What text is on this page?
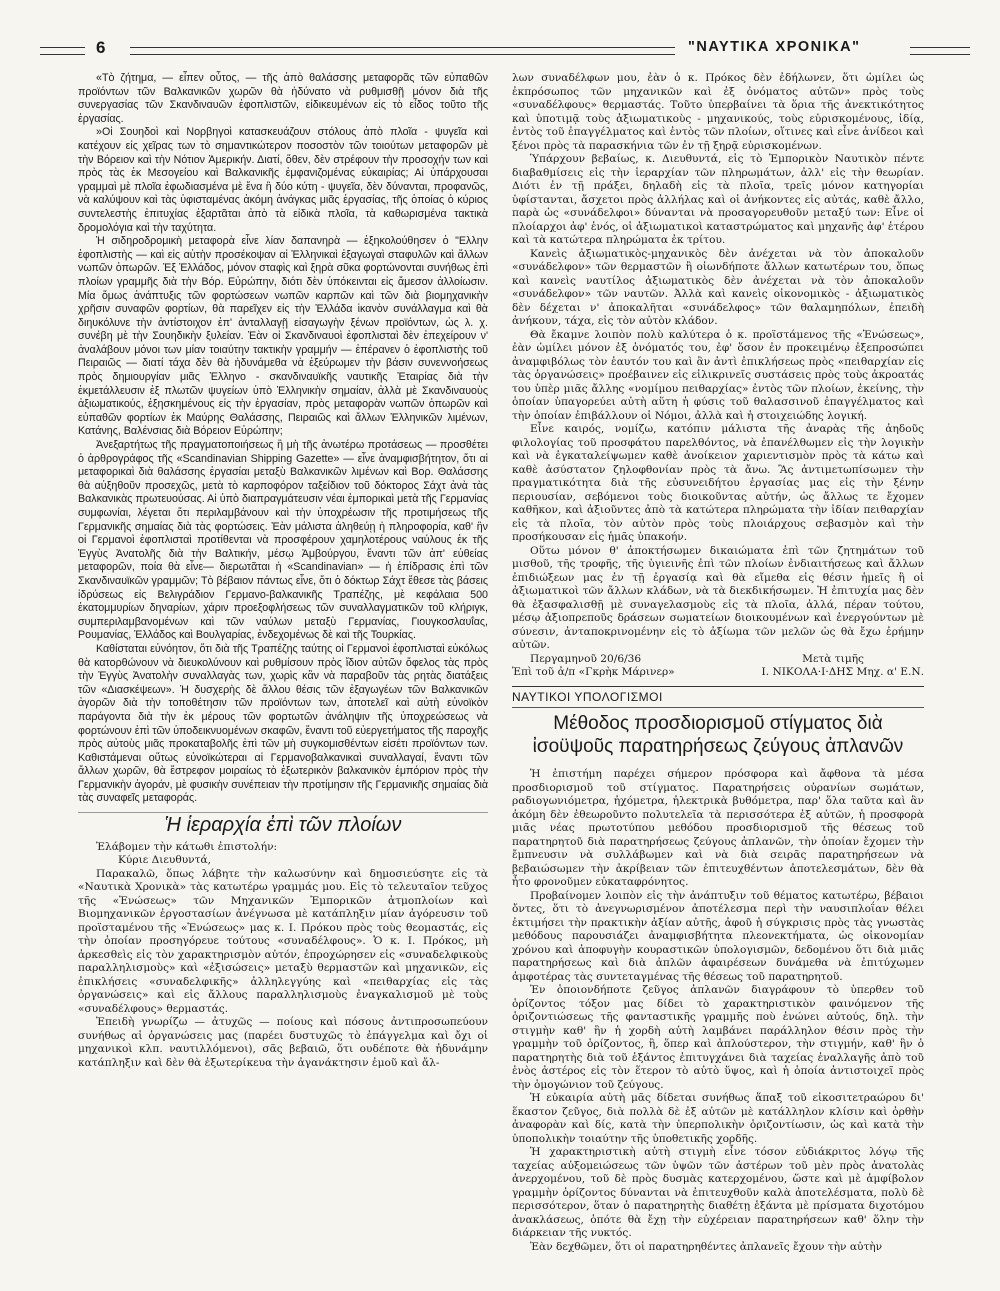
6	"ΝΑΥΤΙΚΑ ΧΡΟΝΙΚΑ"

«Τὸ ζήτημα, — εἶπεν οὗτος, — τῆς ἀπὸ θαλάσσης μεταφορᾶς τῶν εὐπαθῶν προϊόντων τῶν Βαλκανικῶν χωρῶν θὰ ἠδύνατο νὰ ρυθμισθῇ μόνον διὰ τῆς συνεργασίας τῶν Σκανδιναυῶν ἐφοπλιστῶν, εἰδικευμένων εἰς τὸ εἶδος τοῦτο τῆς ἐργασίας.

»Οἱ Σουηδοὶ καὶ Νορβηγοὶ κατασκευάζουν στόλους ἀπὸ πλοῖα - ψυγεῖα καὶ κατέχουν εἰς χεῖρας των τὸ σημαντικώτερον ποσοστὸν τῶν τοιούτων μεταφορῶν μὲ τὴν Βόρειον καὶ τὴν Νότιον Ἀμερικήν. Διατί, ὅθεν, δὲν στρέφουν τὴν προσοχήν των καὶ πρὸς τὰς ἐκ Μεσογείου καὶ Βαλκανικῆς ἐμφανιζομένας εὐκαιρίας; Αἱ ὑπάρχουσαι γραμμαὶ μὲ πλοῖα ἐφωδιασμένα μὲ ἕνα ἢ δύο κύτη - ψυγεῖα, δὲν δύνανται, προφανῶς, νὰ καλύψουν καὶ τὰς ὑφισταμένας ἀκόμη ἀνάγκας μιᾶς ἐργασίας, τῆς ὁποίας ὁ κύριος συντελεστὴς ἐπιτυχίας ἐξαρτᾶται ἀπὸ τὰ εἰδικὰ πλοῖα, τὰ καθωρισμένα τακτικὰ δρομολόγια καὶ τὴν ταχύτητα.

Ἡ σιδηροδρομικὴ μεταφορὰ εἶνε λίαν δαπανηρὰ — ἐξηκολούθησεν ὁ "Ελλην ἐφοπλιστὴς — καὶ εἰς αὐτὴν προσέκοψαν αἱ Ἑλληνικαὶ ἐξαγωγαὶ σταφυλῶν καὶ ἄλλων νωπῶν ὀπωρῶν. Ἐξ Ἑλλάδος, μόνον σταφὶς καὶ ξηρὰ σῦκα φορτώνονται συνήθως ἐπὶ πλοίων γραμμῆς διὰ τὴν Βόρ. Εὐρώπην, διότι δὲν ὑπόκεινται εἰς ἄμεσον ἀλλοίωσιν. Μία ὅμως ἀνάπτυξις τῶν φορτώσεων νωπῶν καρπῶν καὶ τῶν διὰ βιομηχανικὴν χρῆσιν συναφῶν φορτίων, θὰ παρεῖχεν εἰς τὴν Ἑλλάδα ἱκανὸν συνάλλαγμα καὶ θὰ διηυκόλυνε τὴν ἀντίστοιχον ἐπ' ἀνταλλαγῇ εἰσαγωγὴν ξένων προϊόντων, ὡς λ. χ. συνέβη μὲ τὴν Σουηδικὴν ξυλείαν. Ἐὰν οἱ Σκανδιναυοὶ ἐφοπλισταὶ δὲν ἐπεχείρουν ν' ἀναλάβουν μόνοι των μίαν τοιαύτην τακτικὴν γραμμήν — ἐπέρανεν ὁ ἐφοπλιστὴς τοῦ Πειραιῶς — διατί τάχα δὲν θὰ ἠδυνάμεθα νὰ ἐξεύρωμεν τὴν βάσιν συνεννοήσεως πρὸς δημιουργίαν μιᾶς Ἑλληνο - σκανδιναυϊκῆς ναυτικῆς Ἑταιρίας διὰ τὴν ἐκμετάλλευσιν ἑξ πλωτῶν ψυγείων ὑπὸ Ἑλληνικὴν σημαίαν, ἀλλὰ μὲ Σκανδιναυοὺς ἀξιωματικούς, ἐξησκημένους εἰς τὴν ἐργασίαν, πρὸς μεταφορὰν νωπῶν ὀπωρῶν καὶ εὐπαθῶν φορτίων ἐκ Μαύρης Θαλάσσης, Πειραιῶς καὶ ἄλλων Ἑλληνικῶν λιμένων, Κατάνης, Βαλένσιας διὰ Βόρειον Εὐρώπην;

Ἀνεξαρτήτως τῆς πραγματοποιήσεως ἢ μὴ τῆς ἀνωτέρω προτάσεως — προσθέτει ὁ ἀρθρογράφος τῆς «Scandinavian Shipping Gazette» — εἶνε ἀναμφισβήτητον, ὅτι αἱ μεταφορικαὶ διὰ θαλάσσης ἐργασίαι μεταξὺ Βαλκανικῶν λιμένων καὶ Βορ. Θαλάσσης θὰ αὐξηθοῦν προσεχῶς, μετὰ τὸ καρποφόρον ταξείδιον τοῦ δόκτορος Σάχτ ἀνὰ τὰς Βαλκανικὰς πρωτευούσας. Αἱ ὑπὸ διαπραγμάτευσιν νέαι ἐμπορικαὶ μετὰ τῆς Γερμανίας συμφωνίαι, λέγεται ὅτι περιλαμβάνουν καὶ τὴν ὑποχρέωσιν τῆς προτιμήσεως τῆς Γερμανικῆς σημαίας διὰ τὰς φορτώσεις. Ἐὰν μάλιστα ἀληθεύῃ ἡ πληροφορία, καθ' ἣν οἱ Γερμανοὶ ἐφοπλισταὶ προτίθενται νὰ προσφέρουν χαμηλοτέρους ναύλους ἐκ τῆς Ἐγγὺς Ἀνατολῆς διὰ τὴν Βαλτικήν, μέσῳ Ἀμβούργου, ἔναντι τῶν ἀπ' εὐθείας μεταφορῶν, ποία θὰ εἶνε— διερωτᾶται ἡ «Scandinavian» — ἡ ἐπίδρασις ἐπὶ τῶν Σκανδιναυϊκῶν γραμμῶν; Τὸ βέβαιον πάντως εἶνε, ὅτι ὁ δόκτωρ Σάχτ ἔθεσε τὰς βάσεις ἱδρύσεως εἰς Βελιγράδιον Γερμανο-βαλκανικῆς Τραπέζης, μὲ κεφάλαια 500 ἑκατομμυρίων δηναρίων, χάριν προεξοφλήσεως τῶν συναλλαγματικῶν τοῦ κλήριγκ, συμπεριλαμβανομένων καὶ τῶν ναύλων μεταξὺ Γερμανίας, Γιουγκοσλαυΐας, Ρουμανίας, Ἑλλάδος καὶ Βουλγαρίας, ἐνδεχομένως δὲ καὶ τῆς Τουρκίας.

Καθίσταται εὐνόητον, ὅτι διὰ τῆς Τραπέζης ταύτης οἱ Γερμανοὶ ἐφοπλισταὶ εὐκόλως θὰ κατορθώνουν νὰ διευκολύνουν καὶ ρυθμίσουν πρὸς ἴδιον αὐτῶν ὄφελος τὰς πρὸς τὴν Ἐγγὺς Ἀνατολὴν συναλλαγὰς των, χωρὶς κἂν νὰ παραβοῦν τὰς ρητὰς διατάξεις τῶν «Διασκέψεων». Ἡ δυσχερὴς δὲ ἄλλου θέσις τῶν ἐξαγωγέων τῶν Βαλκανικῶν ἀγορῶν διὰ τὴν τοποθέτησιν τῶν προϊόντων των, ἀποτελεῖ καὶ αὐτὴ εὐνοϊκὸν παράγοντα διὰ τὴν ἐκ μέρους τῶν φορτωτῶν ἀνάληψιν τῆς ὑποχρεώσεως νὰ φορτώνουν ἐπὶ τῶν ὑποδεικνυομένων σκαφῶν, ἔναντι τοῦ εὐεργετήματος τῆς παροχῆς πρὸς αὐτοὺς μιᾶς προκαταβολῆς ἐπὶ τῶν μὴ συγκομισθέντων εἰσέτι προϊόντων των. Καθιστάμεναι οὕτως εὐνοϊκώτεραι αἱ Γερμανοβαλκανικαὶ συναλλαγαί, ἔναντι τῶν ἄλλων χωρῶν, θὰ ἔστρεφον μοιραίως τὸ ἐξωτερικὸν βαλκανικὸν ἐμπόριον πρὸς τὴν Γερμανικὴν ἀγοράν, μὲ φυσικὴν συνέπειαν τὴν προτίμησιν τῆς Γερμανικῆς σημαίας διὰ τὰς συναφεῖς μεταφοράς.

Ἡ ἱεραρχία ἐπὶ τῶν πλοίων

Ἐλάβομεν τὴν κάτωθι ἐπιστολήν:

Κύριε Διευθυντά,

Παρακαλῶ, ὅπως λάβητε τὴν καλωσύνην καὶ δημοσιεύσητε εἰς τὰ «Ναυτικὰ Χρονικὰ» τὰς κατωτέρω γραμμάς μου. Εἰς τὸ τελευταῖον τεῦχος τῆς «Ἑνώσεως» τῶν Μηχανικῶν Ἐμπορικῶν ἀτμοπλοίων καὶ Βιομηχανικῶν ἐργοστασίων ἀνέγνωσα μὲ κατάπληξιν μίαν ἀγόρευσιν τοῦ προϊσταμένου τῆς «Ἑνώσεως» μας κ. Ι. Πρόκου πρὸς τοὺς θεομαστάς, εἰς τὴν ὁποίαν προσηγόρευε τούτους «συναδέλφους». Ὁ κ. Ι. Πρόκος, μὴ ἀρκεσθεὶς εἰς τὸν χαρακτηρισμὸν αὐτόν, ἐπροχώρησεν εἰς «συναδελφικοὺς παραλληλισμοὺς» καὶ «ἐξισώσεις» μεταξὺ θερμαστῶν καὶ μηχανικῶν, εἰς ἐπικλήσεις «συναδελφικῆς» ἀλληλεγγύης καὶ «πειθαρχίας εἰς τὰς ὀργανώσεις» καὶ εἰς ἄλλους παραλληλισμοὺς ἐναγκαλισμοῦ μὲ τοὺς «συναδέλφους» θερμαστάς.

Ἐπειδὴ γνωρίζω — ἀτυχῶς — ποίους καὶ πόσους ἀντιπροσωπεύουν συνήθως αἱ ὀργανώσεις μας (παρέει δυστυχῶς τὸ ἐπάγγελμα καὶ ὄχι οἱ μηχανικοὶ κλπ. ναυτιλλόμενοι), σᾶς βεβαιῶ, ὅτι ουδέποτε θὰ ἠδυνάμην κατάπληξιν καὶ δὲν θὰ ἐξωτερίκευα τὴν ἀγανάκτησιν ἐμοῦ καὶ ἄλ-

λων συναδέλφων μου, ἐὰν ὁ κ. Πρόκος δὲν ἐδήλωνεν, ὅτι ὡμίλει ὡς ἐκπρόσωπος τῶν μηχανικῶν καὶ ἐξ ὀνόματος αὐτῶν» πρὸς τοὺς «συναδέλφους» θερμαστάς. Τοῦτο ὑπερβαίνει τὰ ὅρια τῆς ἀνεκτικότητος καὶ ὑποτιμᾷ τοὺς ἀξιωματικοὺς - μηχανικούς, τοὺς εὑρισκομένους, ἰδίᾳ, ἐντὸς τοῦ ἐπαγγέλματος καὶ ἐντὸς τῶν πλοίων, οἵτινες καὶ εἶνε ἀνίδεοι καὶ ξένοι πρὸς τὰ παρασκήνια τῶν ἐν τῇ ξηρᾷ εὑρισκομένων.

Ὑπάρχουν βεβαίως, κ. Διευθυντά, εἰς τὸ Ἐμπορικὸν Ναυτικὸν πέντε διαβαθμίσεις εἰς τὴν ἱεραρχίαν τῶν πληρωμάτων, ἀλλ' εἰς τὴν θεωρίαν. Διότι ἐν τῇ πράξει, δηλαδὴ εἰς τὰ πλοῖα, τρεῖς μόνον κατηγορίαι ὑφίστανται, ἄσχετοι πρὸς ἀλλήλας καὶ οἱ ἀνήκοντες εἰς αὐτάς, καθὲ ἄλλο, παρὰ ὡς «συνάδελφοι» δύνανται νὰ προσαγορευθοῦν μεταξύ των: Εἶνε οἱ πλοίαρχοι ἀφ' ἑνός, οἱ ἀξιωματικοὶ καταστρώματος καὶ μηχανῆς ἀφ' ἑτέρου καὶ τὰ κατώτερα πληρώματα ἐκ τρίτου.

Κανεὶς ἀξιωματικὸς-μηχανικὸς δὲν ἀνέχεται νὰ τὸν ἀποκαλοῦν «συνάδελφον» τῶν θερμαστῶν ἢ οἱωνδήποτε ἄλλων κατωτέρων του, ὅπως καὶ κανεὶς ναυτίλος ἀξιωματικὸς δὲν ἀνέχεται νὰ τὸν ἀποκαλοῦν «συνάδελφον» τῶν ναυτῶν. Ἀλλὰ καὶ κανεὶς οἰκονομικὸς - ἀξιωματικὸς δὲν δέχεται ν' ἀποκαλῆται «συνάδελφος» τῶν θαλαμηπόλων, ἐπειδὴ ἀνήκουν, τάχα, εἰς τὸν αὐτὸν κλάδον.

Θὰ ἔκαμνε λοιπὸν πολὺ καλύτερα ὁ κ. προϊστάμενος τῆς «Ἑνώσεως», ἐὰν ὡμίλει μόνον ἐξ ὀνόματός του, ἐφ' ὅσον ἐν προκειμένῳ ἐξεπροσώπει ἀναμφιβόλως τὸν ἑαυτόν του καὶ ἂν ἀντὶ ἐπικλήσεως πρὸς «πειθαρχίαν εἰς τὰς ὀργανώσεις» προέβαινεν εἰς εἰλικρινεῖς συστάσεις πρὸς τοὺς ἀκροατάς του ὑπὲρ μιᾶς ἄλλης «νομίμου πειθαρχίας» ἐντὸς τῶν πλοίων, ἐκείνης, τὴν ὁποίαν ὑπαγορεύει αὐτὴ αὕτη ἡ φύσις τοῦ θαλασσινοῦ ἐπαγγέλματος καὶ τὴν ὁποίαν ἐπιβάλλουν οἱ Νόμοι, ἀλλὰ καὶ ἡ στοιχειώδης λογική.

Εἶνε καιρός, νομίζω, κατόπιν μάλιστα τῆς ἀναρὰς τῆς ἀηδοῦς φιλολογίας τοῦ προσφάτου παρελθόντος, νὰ ἐπανέλθωμεν εἰς τὴν λογικὴν καὶ νὰ ἐγκαταλείψωμεν καθὲ ἀνοίκειον χαριεντισμὸν πρὸς τὰ κάτω καὶ καθὲ ἀσύστατον ζηλοφθονίαν πρὸς τὰ ἄνω. Ἂς ἀντιμετωπίσωμεν τὴν πραγματικότητα διὰ τῆς εὐσυνειδήτου ἐργασίας μας εἰς τὴν ξένην περιουσίαν, σεβόμενοι τοὺς διοικοῦντας αὐτήν, ὡς ἄλλως τε ἔχομεν καθῆκον, καὶ ἀξιοῦντες ἀπὸ τὰ κατώτερα πληρώματα τὴν ἰδίαν πειθαρχίαν εἰς τὰ πλοῖα, τὸν αὐτὸν πρὸς τοὺς πλοιάρχους σεβασμὸν καὶ τὴν προσήκουσαν εἰς ἡμᾶς ὑπακοήν.

Οὕτω μόνον θ' ἀποκτήσωμεν δικαιώματα ἐπὶ τῶν ζητημάτων τοῦ μισθοῦ, τῆς τροφῆς, τῆς ὑγιεινῆς ἐπὶ τῶν πλοίων ἐνδιαιτήσεως καὶ ἄλλων ἐπιδιώξεων μας ἐν τῇ ἐργασίᾳ καὶ θὰ εἴμεθα εἰς θέσιν ἡμεῖς ἢ οἱ ἀξιωματικοὶ τῶν ἄλλων κλάδων, νὰ τὰ διεκδικήσωμεν. Ἡ ἐπιτυχία μας δὲν θὰ ἐξασφαλισθῇ μὲ συναγελασμοὺς εἰς τὰ πλοῖα, ἀλλά, πέραν τούτου, μέσῳ ἀξιοπρεποῦς δράσεων σωματείων διοικουμένων καὶ ἐνεργούντων μὲ σύνεσιν, ἀνταποκρινομένην εἰς τὸ ἀξίωμα τῶν μελῶν ὡς θὰ ἔχω ἐρήμην αὐτῶν.

Περγαμηνοῦ 20/6/36	Μετὰ τιμῆς
Ἐπὶ τοῦ ἀ/π «Γκρὴκ Μάρινερ»	Ι. ΝΙΚΟΛΑ·Ι·ΔΗΣ Μηχ. α' Ε.Ν.
ΝΑΥΤΙΚΟΙ ΥΠΟΛΟΓΙΣΜΟΙ
Μέθοδος προσδιορισμοῦ στίγματος διὰ ἰσοϋψοῦς παρατηρήσεως ζεύγους ἀπλανῶν

Ἡ ἐπιστήμη παρέχει σήμερον πρόσφορα καὶ ἄφθονα τὰ μέσα προσδιορισμοῦ τοῦ στίγματος. Παρατηρήσεις οὐρανίων σωμάτων, ραδιογωνιόμετρα, ἠχόμετρα, ἠλεκτρικὰ βυθόμετρα, παρ' ὅλα ταῦτα καὶ ἂν ἀκόμη δὲν ἐθεωροῦντο πολυτελεῖα τὰ περισσότερα ἐξ αὐτῶν, ἡ προσφορὰ μιᾶς νέας πρωτοτύπου μεθόδου προσδιορισμοῦ τῆς θέσεως τοῦ παρατηρητοῦ διὰ παρατηρήσεως ζεύγους ἀπλανῶν, τὴν ὁποίαν ἔχομεν τὴν ἔμπνευσιν νὰ συλλάβωμεν καὶ νὰ διὰ σειρᾶς παρατηρήσεων νὰ βεβαιώσωμεν τὴν ἀκρίβειαν τῶν ἐπιτευχθέντων ἀποτελεσμάτων, δὲν θὰ ἦτο φρονοῦμεν εὐκαταφρόνητος.

Προβαίνομεν λοιπὸν εἰς τὴν ἀνάπτυξιν τοῦ θέματος κατωτέρω, βέβαιοι ὄντες, ὅτι τὸ ἀνεγνωρισμένον ἀποτέλεσμα περὶ τὴν ναυσιπλοΐαν θέλει ἐκτιμήσει τὴν πρακτικὴν ἀξίαν αὐτῆς, ἀφοῦ ἡ σύγκρισις πρὸς τὰς γνωστὰς μεθόδους παρουσιάζει ἀναμφισβήτητα πλεονεκτήματα, ὡς οἰκονομίαν χρόνου καὶ ἀποφυγὴν κουραστικῶν ὑπολογισμῶν, δεδομένου ὅτι διὰ μιᾶς παρατηρήσεως καὶ διὰ ἀπλῶν ἀφαιρέσεων δυνάμεθα νὰ ἐπιτύχωμεν ἀμφοτέρας τὰς συντεταγμένας τῆς θέσεως τοῦ παρατηρητοῦ.

Ἐν ὁποιονδήποτε ζεῦγος ἀπλανῶν διαγράφουν τὸ ὑπερθεν τοῦ ὁρίζοντος τόξον μας δίδει τὸ χαρακτηριστικὸν φαινόμενον τῆς ὁριζοντιώσεως τῆς φανταστικῆς γραμμῆς ποὺ ἑνώνει αὐτούς, δηλ. τὴν στιγμὴν καθ' ἣν ἡ χορδὴ αὐτὴ λαμβάνει παράλληλον θέσιν πρὸς τὴν γραμμὴν τοῦ ὁρίζοντος, ἢ, ὅπερ καὶ ἁπλούστερον, τὴν στιγμήν, καθ' ἣν ὁ παρατηρητὴς διὰ τοῦ ἑξάντος ἐπιτυγχάνει διὰ ταχείας ἐναλλαγῆς ἀπὸ τοῦ ἑνὸς ἀστέρος εἰς τὸν ἕτερον τὸ αὐτὸ ὕψος, καὶ ἡ ὁποία ἀντιστοιχεῖ πρὸς τὴν ὁμογώνιον τοῦ ζεύγους.

Ἡ εὐκαιρία αὐτὴ μᾶς δίδεται συνήθως ἅπαξ τοῦ εἰκοσιτετραώρου δι' ἕκαστον ζεῦγος, διὰ πολλὰ δὲ ἐξ αὐτῶν μὲ κατάλληλον κλίσιν καὶ ὀρθὴν ἀναφορὰν καὶ δίς, κατὰ τὴν ὑπερπολικὴν ὁριζοντίωσιν, ὡς καὶ κατὰ τὴν ὑποπολικὴν τοιαύτην τῆς ὑποθετικῆς χορδῆς.

Ἡ χαρακτηριστικὴ αὐτὴ στιγμὴ εἶνε τόσον εὐδιάκριτος λόγῳ τῆς ταχείας αὐξομειώσεως τῶν ὑψῶν τῶν ἀστέρων τοῦ μὲν πρὸς ἀνατολὰς ἀνερχομένου, τοῦ δὲ πρὸς δυσμὰς κατερχομένου, ὥστε καὶ μὲ ἀμφίβολον γραμμὴν ὁρίζοντος δύνανται νὰ ἐπιτευχθοῦν καλὰ ἀποτελέσματα, πολὺ δὲ περισσότερον, ὅταν ὁ παρατηρητὴς διαθέτῃ ἑξάντα μὲ πρίσματα διχοτόμου ἀνακλάσεως, ὁπότε θὰ ἔχῃ τὴν εὐχέρειαν παρατηρήσεων καθ' ὅλην τὴν διάρκειαν τῆς νυκτός.

Ἐὰν δεχθῶμεν, ὅτι οἱ παρατηρηθέντες ἀπλανεῖς ἔχουν τὴν αὐτὴν
